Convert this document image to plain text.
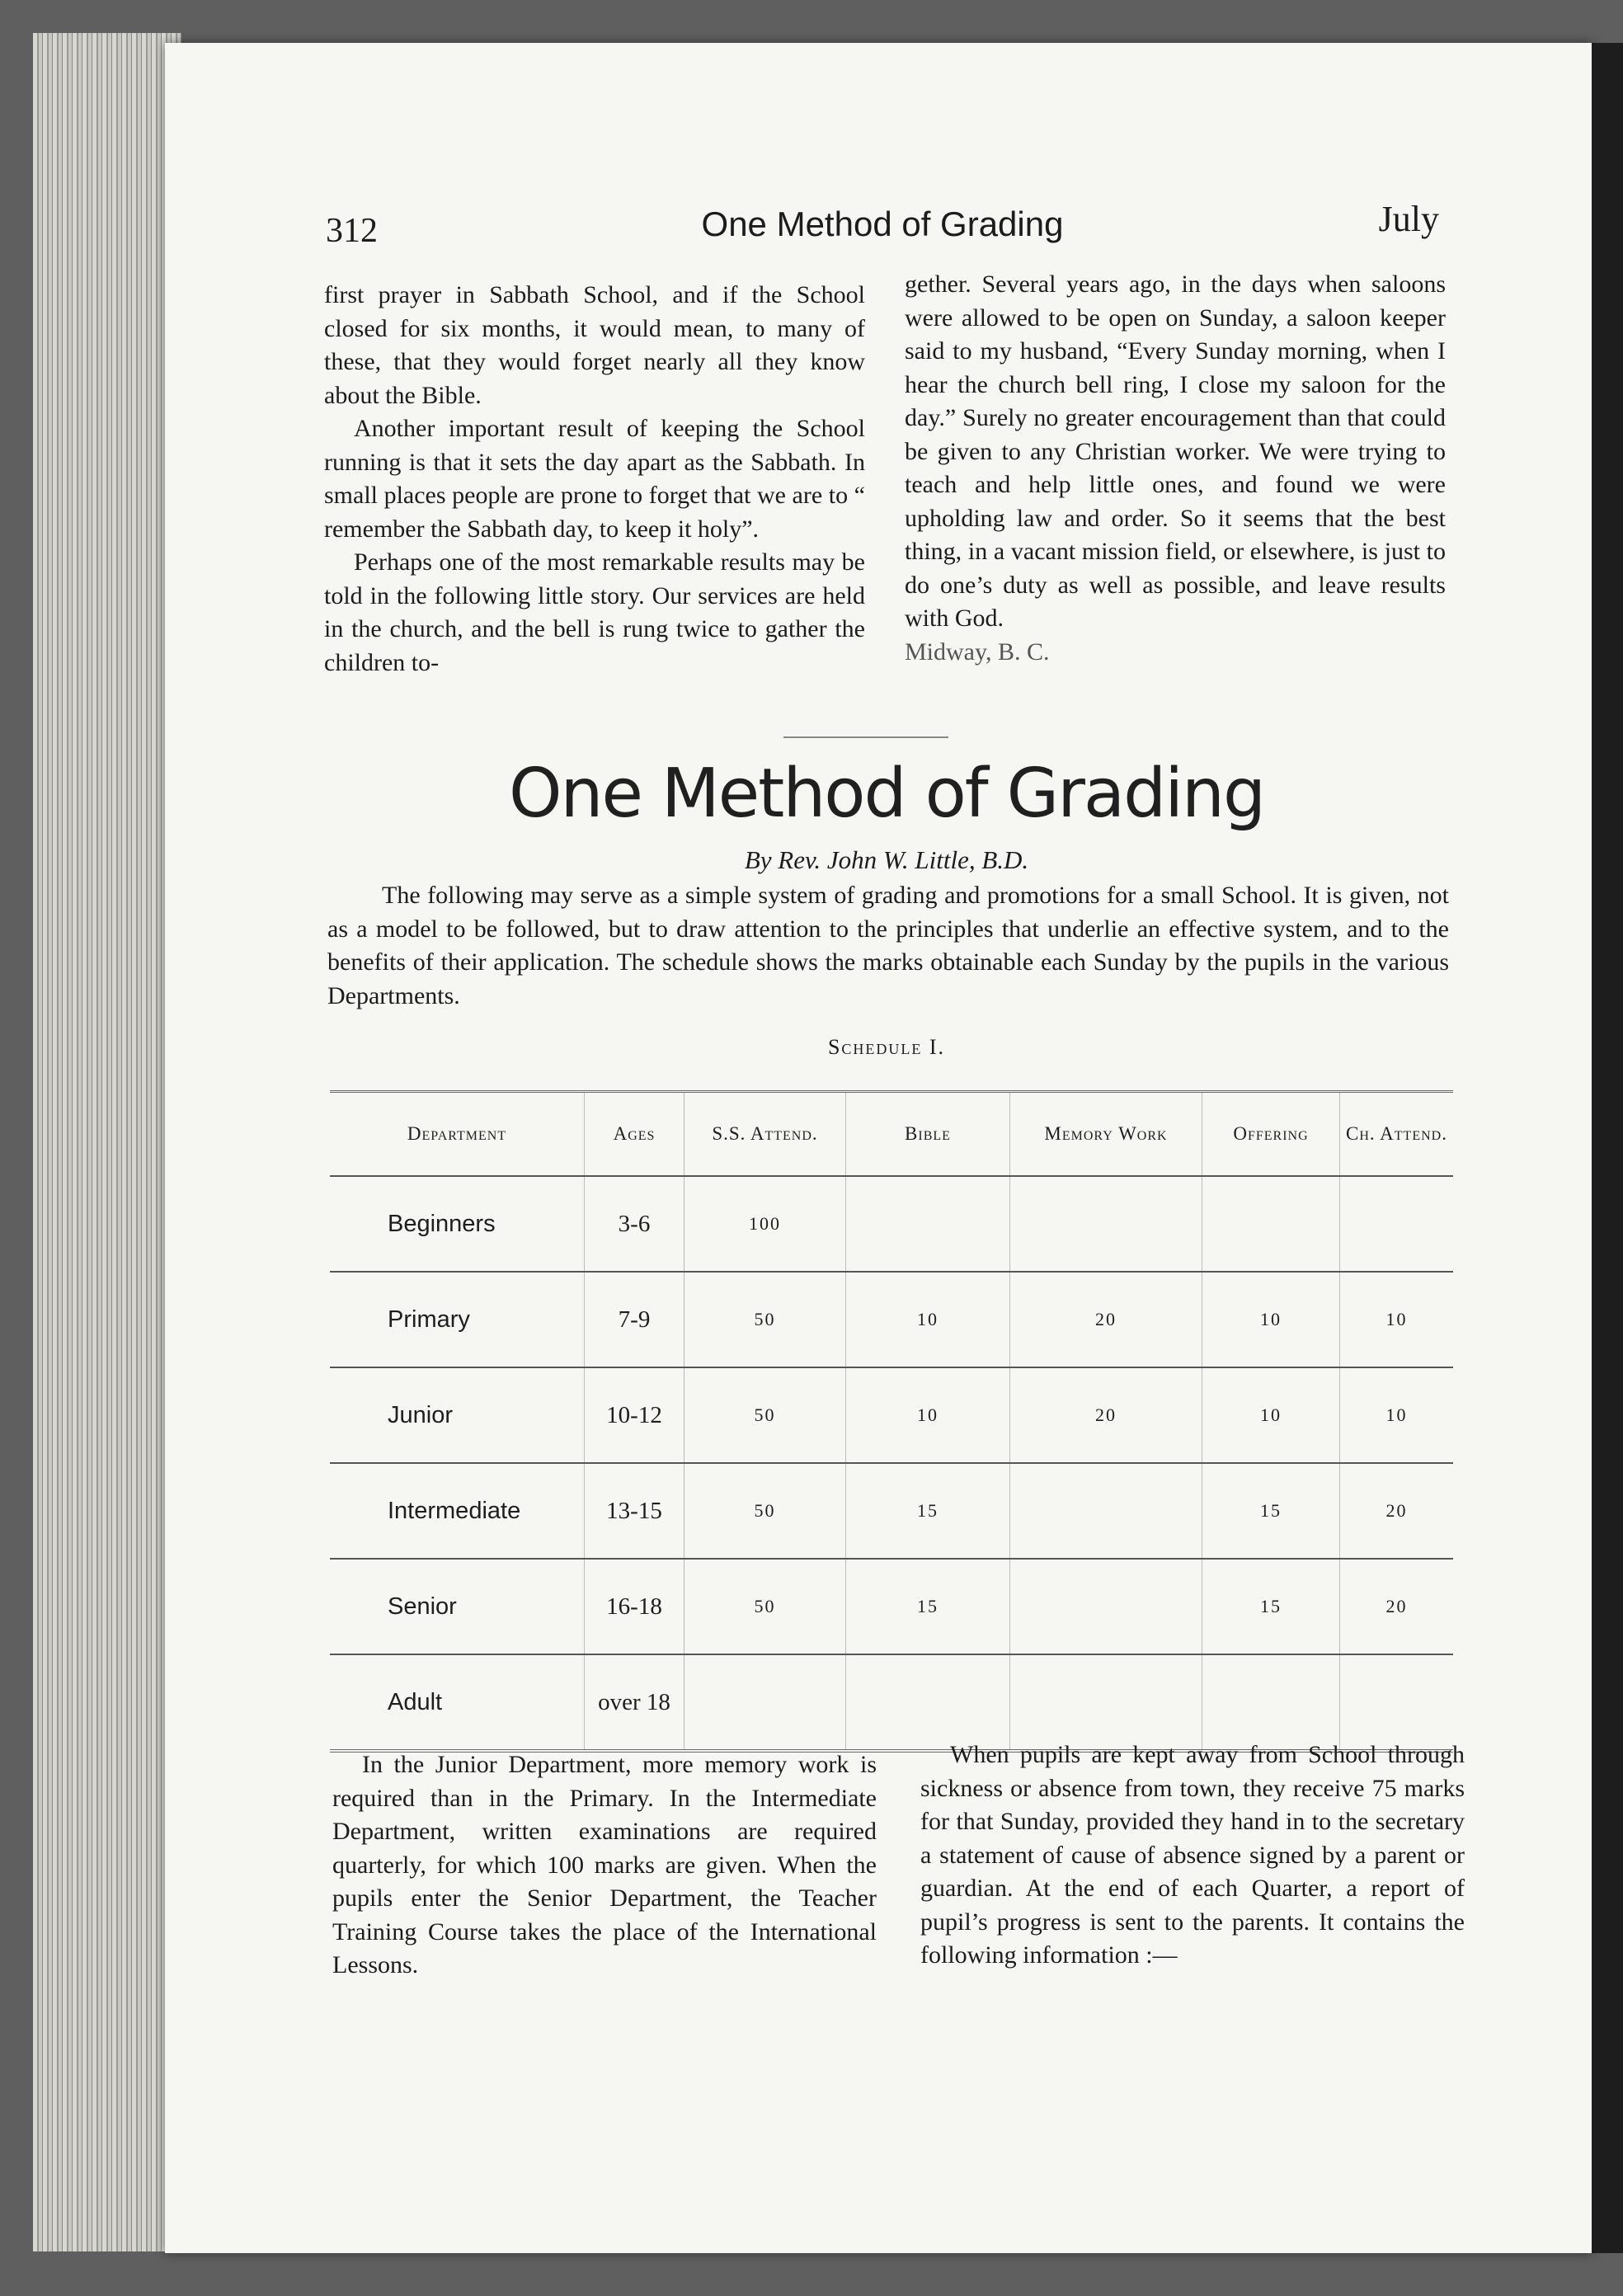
312	One Method of Grading	July

first prayer in Sabbath School, and if the School closed for six months, it would mean, to many of these, that they would forget nearly all they know about the Bible.

Another important result of keeping the School running is that it sets the day apart as the Sabbath. In small places people are prone to forget that we are to “ remember the Sabbath day, to keep it holy”.

Perhaps one of the most remarkable results may be told in the following little story. Our services are held in the church, and the bell is rung twice to gather the children to-

gether. Several years ago, in the days when saloons were allowed to be open on Sunday, a saloon keeper said to my husband, “Every Sunday morning, when I hear the church bell ring, I close my saloon for the day.” Surely no greater encouragement than that could be given to any Christian worker. We were trying to teach and help little ones, and found we were upholding law and order. So it seems that the best thing, in a vacant mission field, or elsewhere, is just to do one’s duty as well as possible, and leave results with God.

Midway, B. C.

One Method of Grading
By Rev. John W. Little, B.D.

The following may serve as a simple system of grading and promotions for a small School. It is given, not as a model to be followed, but to draw attention to the principles that underlie an effective system, and to the benefits of their application. The schedule shows the marks obtainable each Sunday by the pupils in the various Departments.

Schedule I.
Department	Ages	S.S. Attend.	Bible	Memory Work	Offering	Ch. Attend.
Beginners	3-6	100				
Primary	7-9	50	10	20	10	10
Junior	10-12	50	10	20	10	10
Intermediate	13-15	50	15		15	20
Senior	16-18	50	15		15	20
Adult	over 18					

In the Junior Department, more memory work is required than in the Primary. In the Intermediate Department, written examinations are required quarterly, for which 100 marks are given. When the pupils enter the Senior Department, the Teacher Training Course takes the place of the International Lessons.

When pupils are kept away from School through sickness or absence from town, they receive 75 marks for that Sunday, provided they hand in to the secretary a statement of cause of absence signed by a parent or guardian. At the end of each Quarter, a report of pupil’s progress is sent to the parents. It contains the following information :—
